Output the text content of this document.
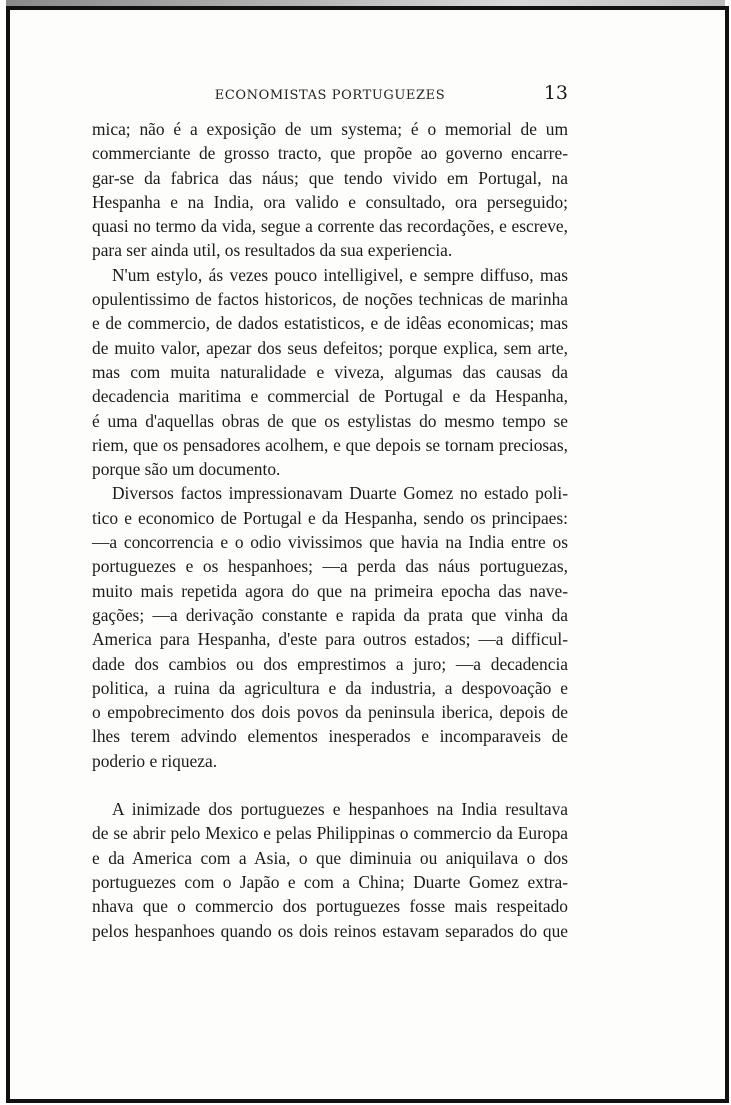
ECONOMISTAS PORTUGUEZES	13
mica; não é a exposição de um systema; é o memorial de um
commerciante de grosso tracto, que propõe ao governo encarre-
gar-se da fabrica das náus; que tendo vivido em Portugal, na
Hespanha e na India, ora valido e consultado, ora perseguido;
quasi no termo da vida, segue a corrente das recordações, e escreve,
para ser ainda util, os resultados da sua experiencia.
N'um estylo, ás vezes pouco intelligivel, e sempre diffuso, mas
opulentissimo de factos historicos, de noções technicas de marinha
e de commercio, de dados estatisticos, e de idêas economicas; mas
de muito valor, apezar dos seus defeitos; porque explica, sem arte,
mas com muita naturalidade e viveza, algumas das causas da
decadencia maritima e commercial de Portugal e da Hespanha,
é uma d'aquellas obras de que os estylistas do mesmo tempo se
riem, que os pensadores acolhem, e que depois se tornam preciosas,
porque são um documento.
Diversos factos impressionavam Duarte Gomez no estado poli-
tico e economico de Portugal e da Hespanha, sendo os principaes:
—a concorrencia e o odio vivissimos que havia na India entre os
portuguezes e os hespanhoes; —a perda das náus portuguezas,
muito mais repetida agora do que na primeira epocha das nave-
gações; —a derivação constante e rapida da prata que vinha da
America para Hespanha, d'este para outros estados; —a difficul-
dade dos cambios ou dos emprestimos a juro; —a decadencia
politica, a ruina da agricultura e da industria, a despovoação e
o empobrecimento dos dois povos da peninsula iberica, depois de
lhes terem advindo elementos inesperados e incomparaveis de
poderio e riqueza.
A inimizade dos portuguezes e hespanhoes na India resultava
de se abrir pelo Mexico e pelas Philippinas o commercio da Europa
e da America com a Asia, o que diminuia ou aniquilava o dos
portuguezes com o Japão e com a China; Duarte Gomez extra-
nhava que o commercio dos portuguezes fosse mais respeitado
pelos hespanhoes quando os dois reinos estavam separados do que
